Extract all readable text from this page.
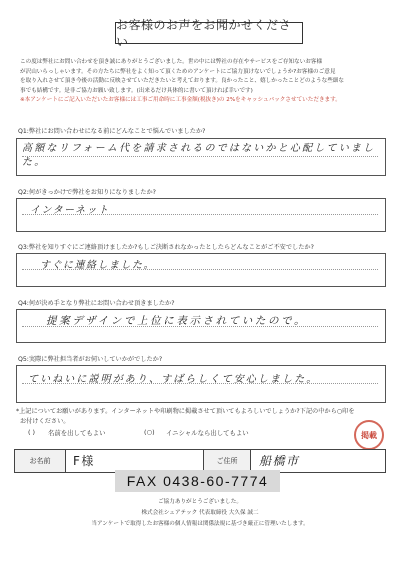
お客様のお声をお聞かせください
この度は弊社にお問い合わせを頂き誠にありがとうございました。世の中には弊社の存在やサービスをご存知ないお客様
が沢山いらっしゃいます。その方たちに弊社をよく知って頂くためのアンケートにご協力頂けないでしょうか?お客様のご意見
を取り入れさせて頂き今後の活動に反映させていただきたいと考えております。良かったこと、嬉しかったことどのような些細な
事でも結構です。是非ご協力お願い致します。(出来るだけ具体的に書いて頂ければ幸いです)
※本アンケートにご記入いただいたお客様には工事ご用命時に工事金額(税抜き)の 2%をキャッシュバックさせていただきます。
Q1:弊社にお問い合わせになる前にどんなことで悩んでいましたか?
高額なリフォーム代を請求されるのではないかと心配していました。
Q2:何がきっかけで弊社をお知りになりましたか?
インターネット
Q3:弊社を知りすぐにご連絡頂けましたか?もしご決断されなかったとしたらどんなことがご不安でしたか?
すぐに連絡しました。
Q4:何が決め手となり弊社にお問い合わせ頂きましたか?
提案デザインで上位に表示されていたので。
Q5:実際に弊社担当者がお伺いしていかがでしたか?
ていねいに説明があり、すばらしくて安心しました。
*上記についてお願いがあります。インターネットや印刷物に掲載させて頂いてもよろしいでしょうか?下記の中から○印を
お付けください。
( ) 名前を出してもよい	(○) イニシャルなら出してもよい	掲載
お名前	F様	ご住所	船橋市
FAX 0438-60-7774
ご協力ありがとうございました。
株式会社シェアテック 代表取締役 大久保 誠二
当アンケートで取得したお客様の個人情報は関係法規に基づき厳正に管理いたします。
